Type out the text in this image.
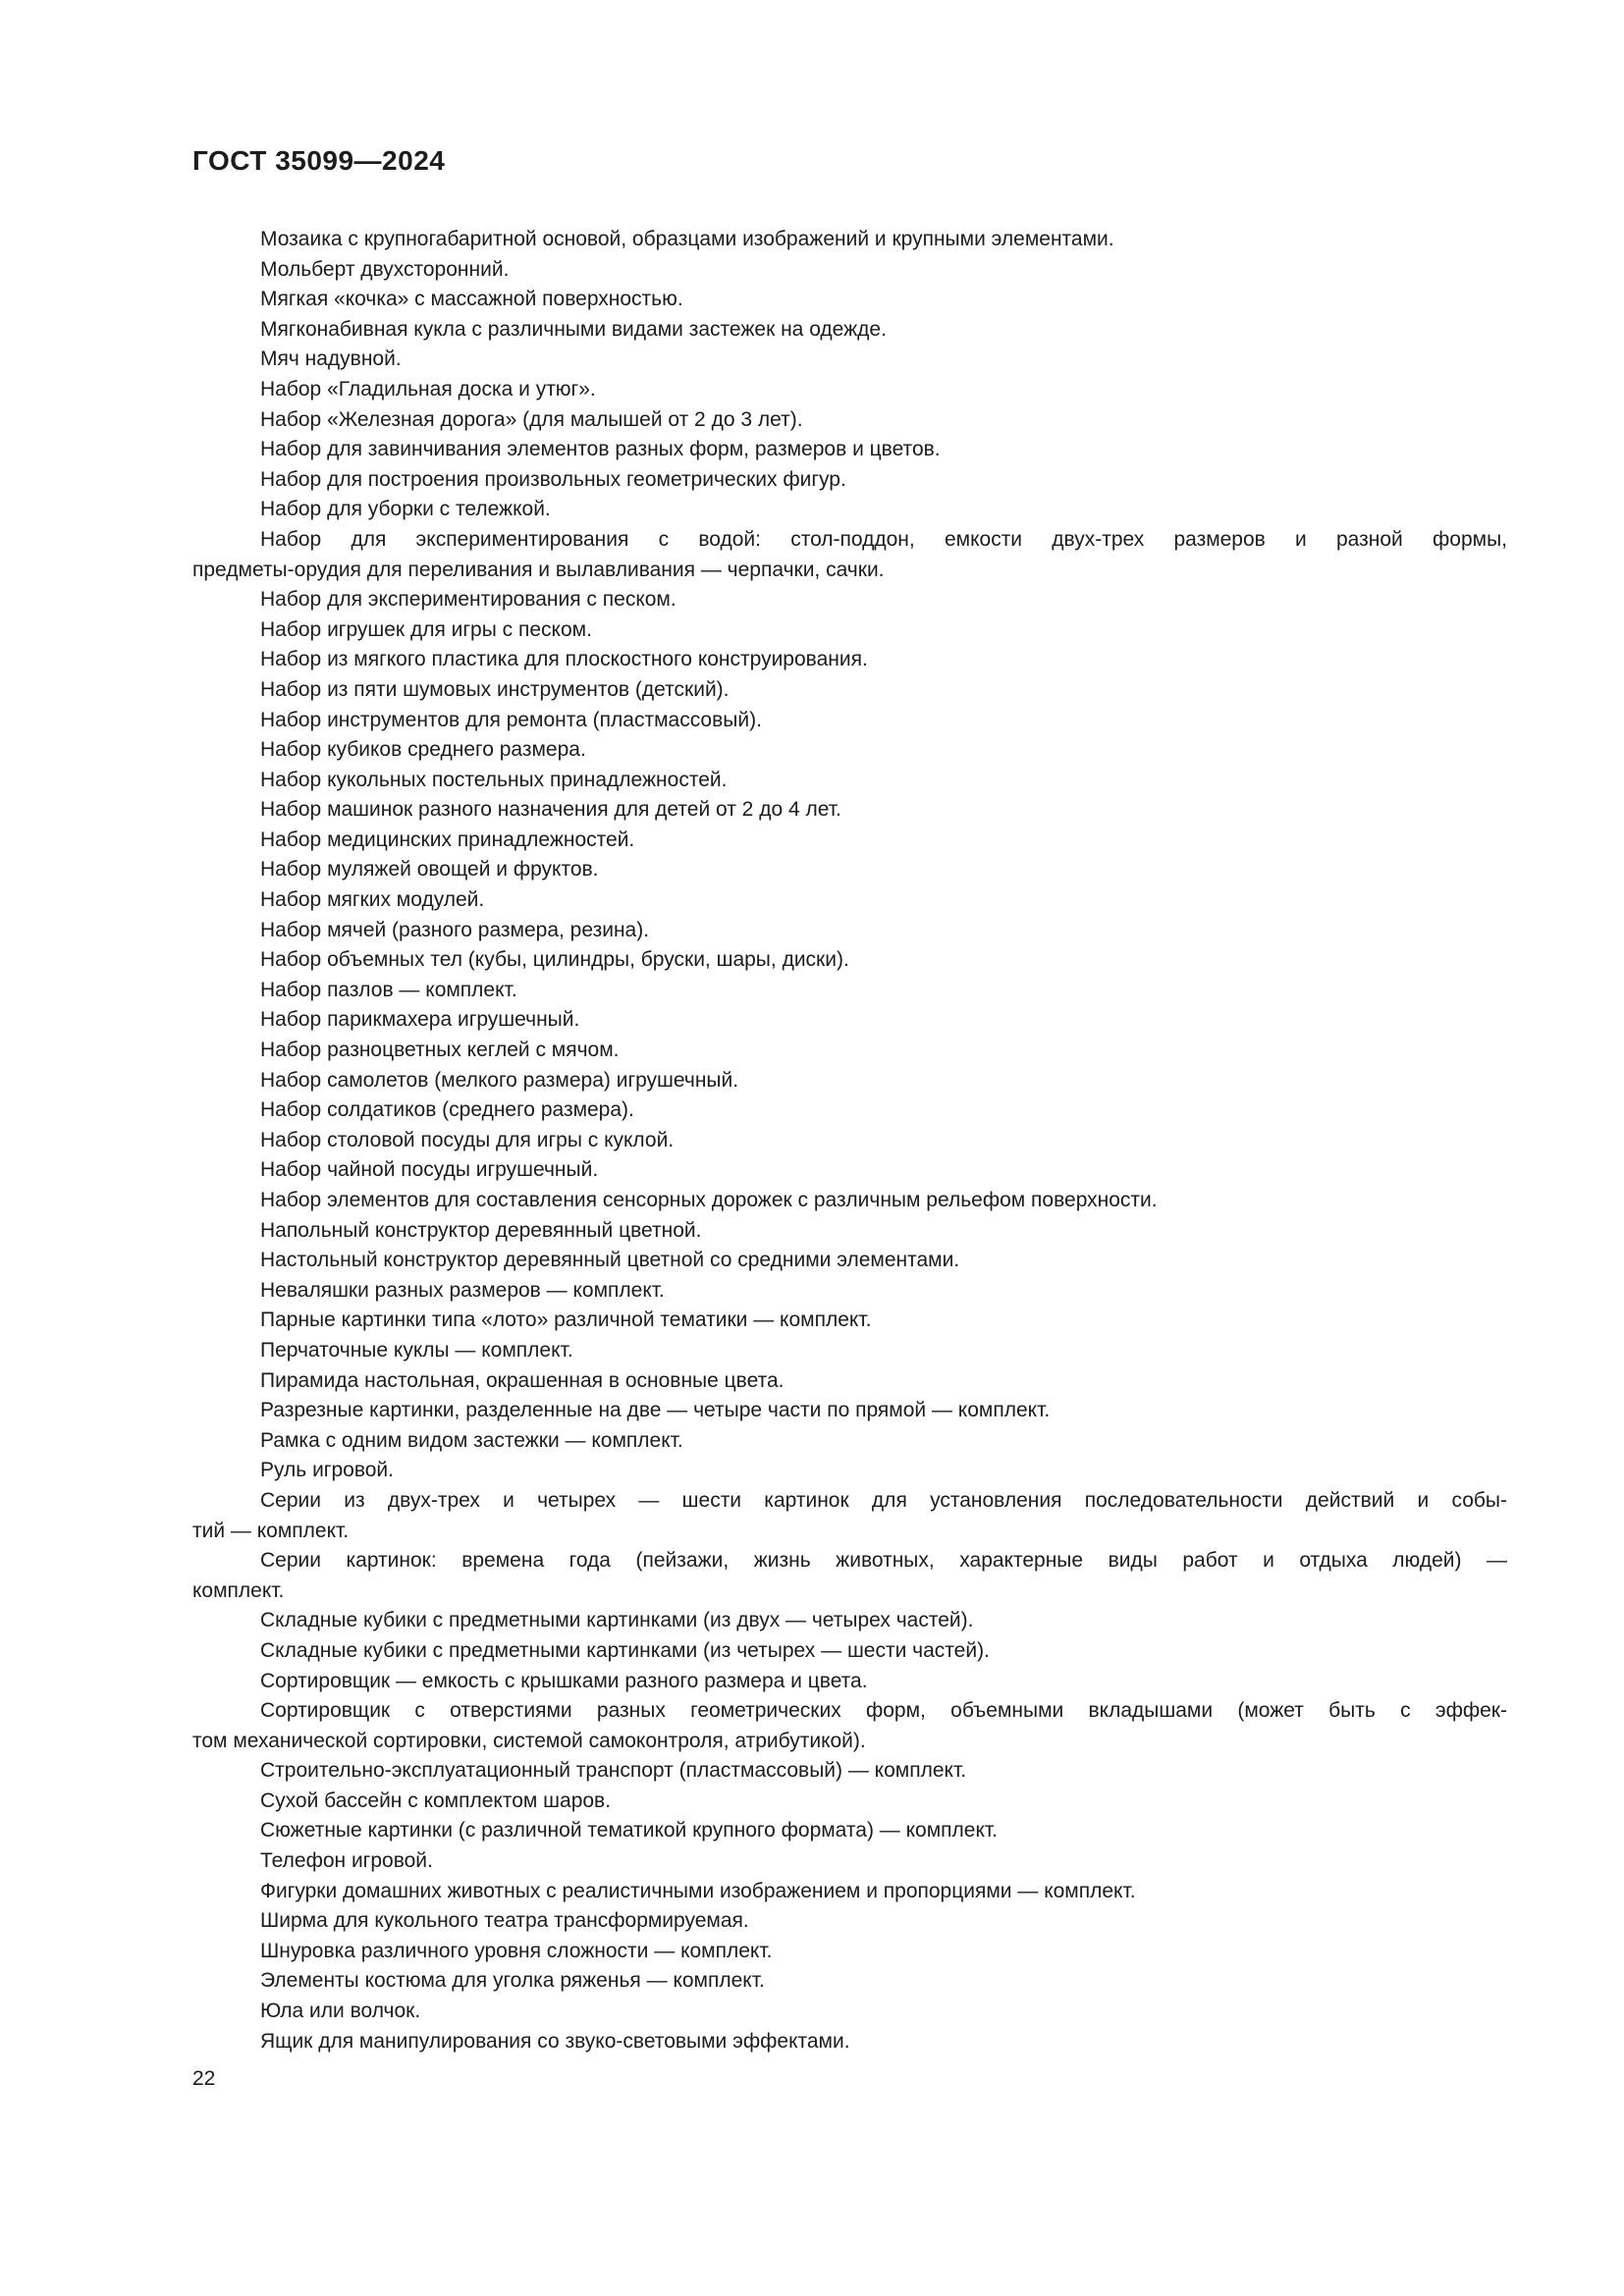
ГОСТ 35099—2024
Мозаика с крупногабаритной основой, образцами изображений и крупными элементами.
Мольберт двухсторонний.
Мягкая «кочка» с массажной поверхностью.
Мягконабивная кукла с различными видами застежек на одежде.
Мяч надувной.
Набор «Гладильная доска и утюг».
Набор «Железная дорога» (для малышей от 2 до 3 лет).
Набор для завинчивания элементов разных форм, размеров и цветов.
Набор для построения произвольных геометрических фигур.
Набор для уборки с тележкой.
Набор для экспериментирования с водой: стол-поддон, емкости двух-трех размеров и разной формы,
предметы-орудия для переливания и вылавливания — черпачки, сачки.
Набор для экспериментирования с песком.
Набор игрушек для игры с песком.
Набор из мягкого пластика для плоскостного конструирования.
Набор из пяти шумовых инструментов (детский).
Набор инструментов для ремонта (пластмассовый).
Набор кубиков среднего размера.
Набор кукольных постельных принадлежностей.
Набор машинок разного назначения для детей от 2 до 4 лет.
Набор медицинских принадлежностей.
Набор муляжей овощей и фруктов.
Набор мягких модулей.
Набор мячей (разного размера, резина).
Набор объемных тел (кубы, цилиндры, бруски, шары, диски).
Набор пазлов — комплект.
Набор парикмахера игрушечный.
Набор разноцветных кеглей с мячом.
Набор самолетов (мелкого размера) игрушечный.
Набор солдатиков (среднего размера).
Набор столовой посуды для игры с куклой.
Набор чайной посуды игрушечный.
Набор элементов для составления сенсорных дорожек с различным рельефом поверхности.
Напольный конструктор деревянный цветной.
Настольный конструктор деревянный цветной со средними элементами.
Неваляшки разных размеров — комплект.
Парные картинки типа «лото» различной тематики — комплект.
Перчаточные куклы — комплект.
Пирамида настольная, окрашенная в основные цвета.
Разрезные картинки, разделенные на две — четыре части по прямой — комплект.
Рамка с одним видом застежки — комплект.
Руль игровой.
Серии из двух-трех и четырех — шести картинок для установления последовательности действий и собы-
тий — комплект.
Серии картинок: времена года (пейзажи, жизнь животных, характерные виды работ и отдыха людей) —
комплект.
Складные кубики с предметными картинками (из двух — четырех частей).
Складные кубики с предметными картинками (из четырех — шести частей).
Сортировщик — емкость с крышками разного размера и цвета.
Сортировщик с отверстиями разных геометрических форм, объемными вкладышами (может быть с эффек-
том механической сортировки, системой самоконтроля, атрибутикой).
Строительно-эксплуатационный транспорт (пластмассовый) — комплект.
Сухой бассейн с комплектом шаров.
Сюжетные картинки (с различной тематикой крупного формата) — комплект.
Телефон игровой.
Фигурки домашних животных с реалистичными изображением и пропорциями — комплект.
Ширма для кукольного театра трансформируемая.
Шнуровка различного уровня сложности — комплект.
Элементы костюма для уголка ряженья — комплект.
Юла или волчок.
Ящик для манипулирования со звуко-световыми эффектами.
22
